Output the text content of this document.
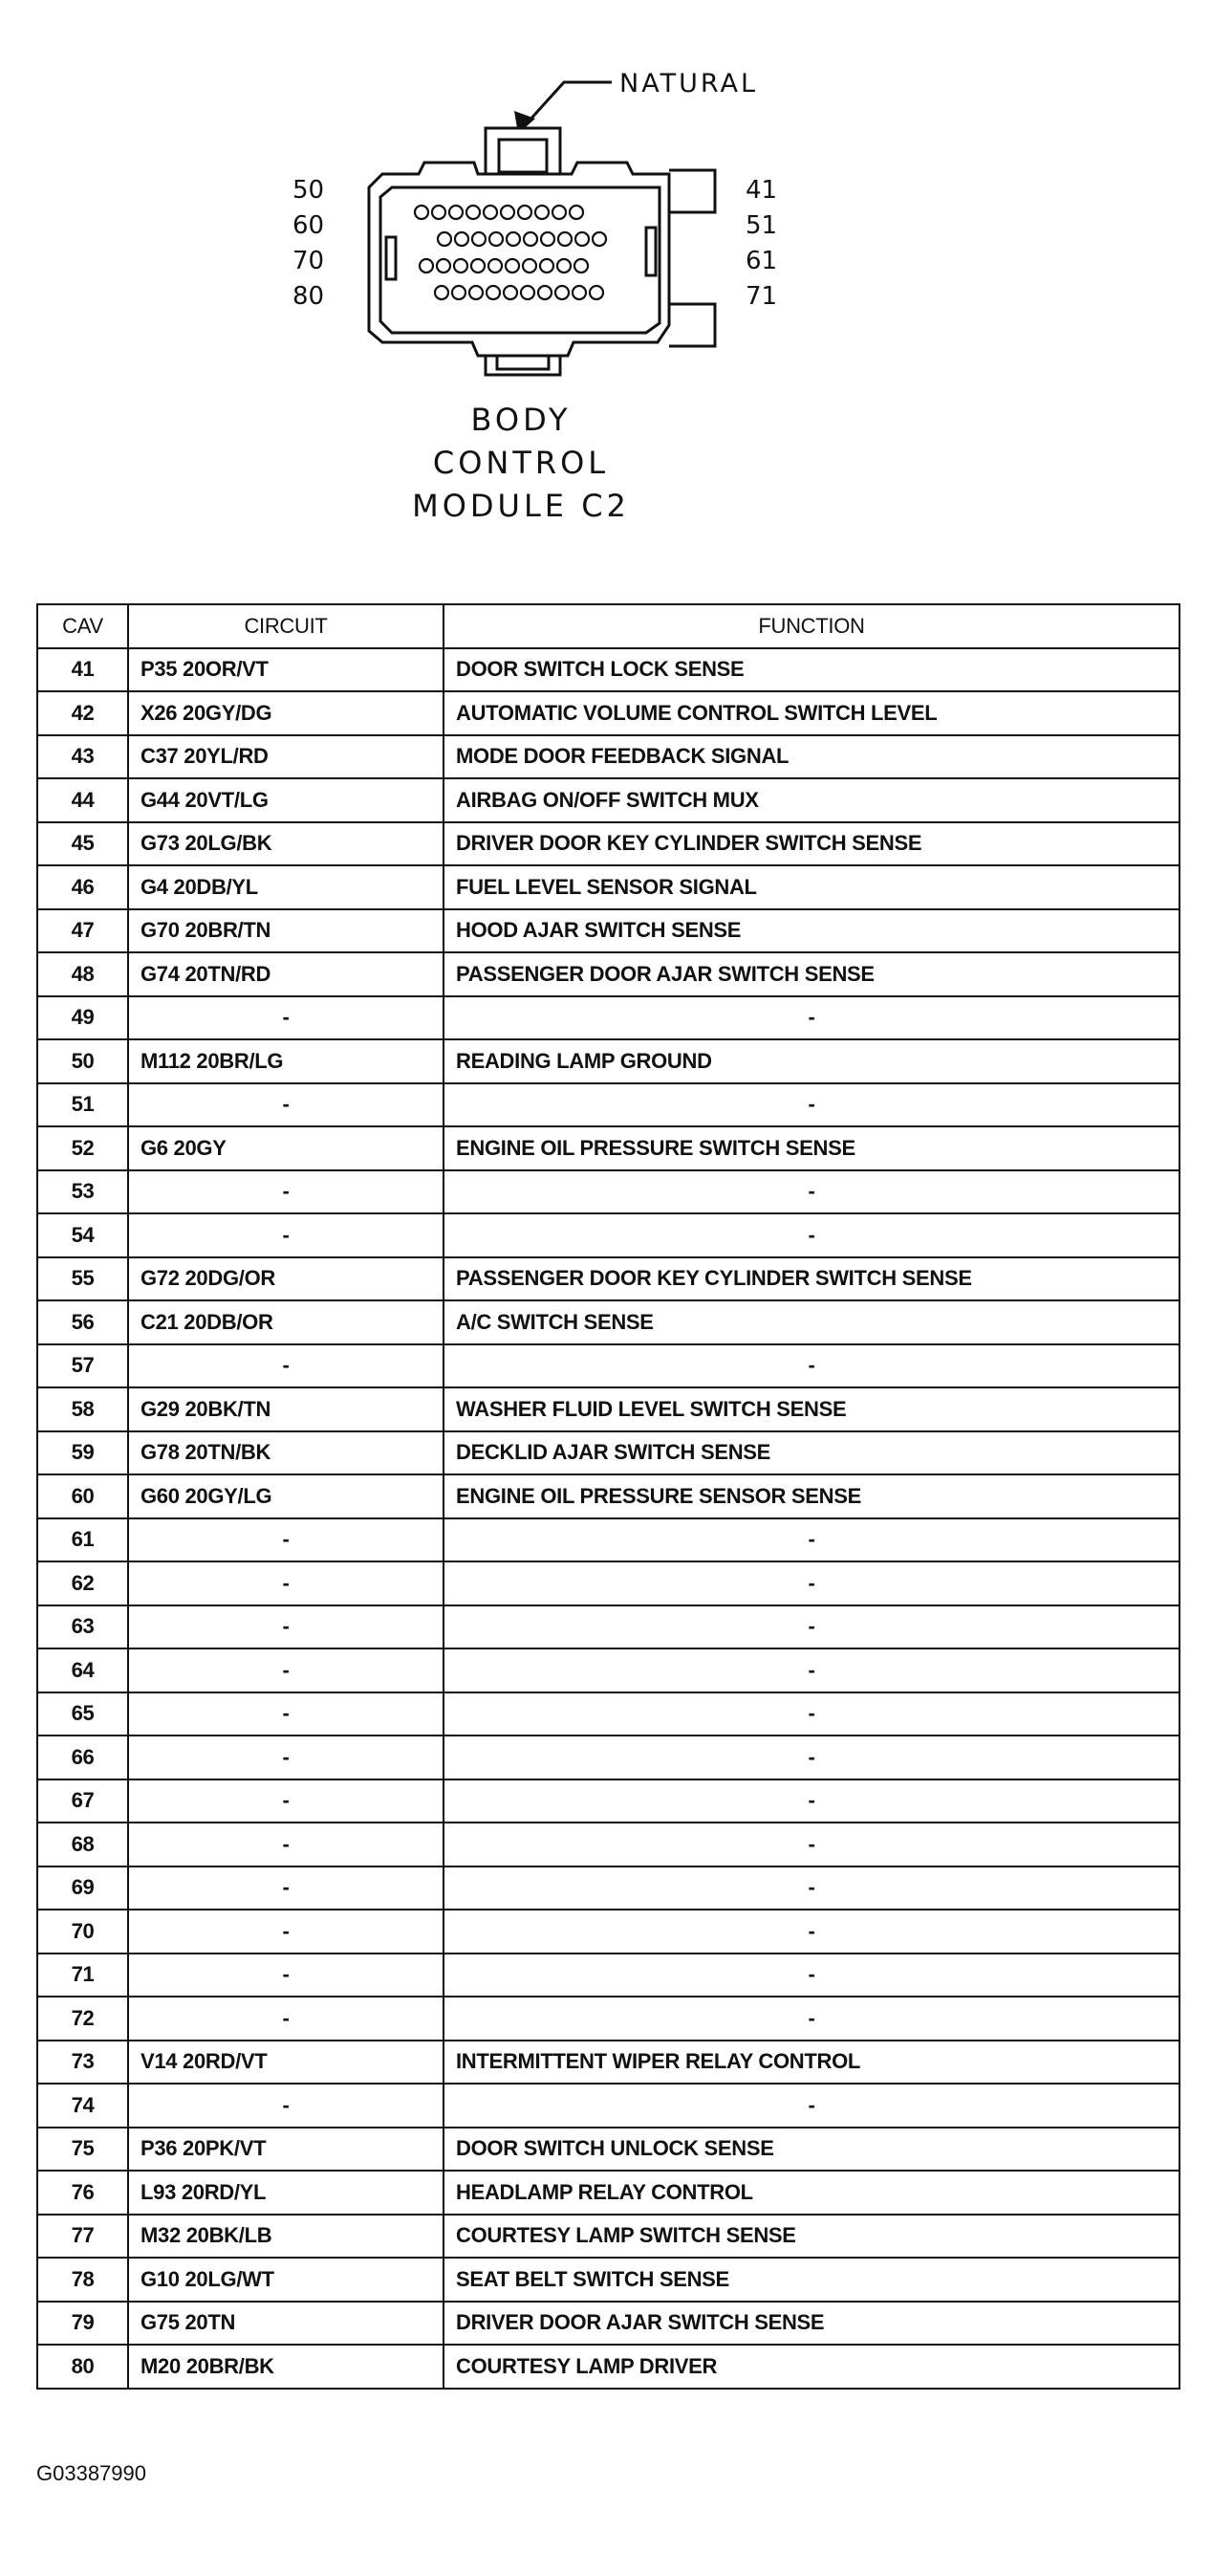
NATURAL
50
60
70
80
41
51
61
71
BODY
CONTROL
MODULE C2
CAV	CIRCUIT	FUNCTION
41	P35 20OR/VT	DOOR SWITCH LOCK SENSE
42	X26 20GY/DG	AUTOMATIC VOLUME CONTROL SWITCH LEVEL
43	C37 20YL/RD	MODE DOOR FEEDBACK SIGNAL
44	G44 20VT/LG	AIRBAG ON/OFF SWITCH MUX
45	G73 20LG/BK	DRIVER DOOR KEY CYLINDER SWITCH SENSE
46	G4 20DB/YL	FUEL LEVEL SENSOR SIGNAL
47	G70 20BR/TN	HOOD AJAR SWITCH SENSE
48	G74 20TN/RD	PASSENGER DOOR AJAR SWITCH SENSE
49	-	-
50	M112 20BR/LG	READING LAMP GROUND
51	-	-
52	G6 20GY	ENGINE OIL PRESSURE SWITCH SENSE
53	-	-
54	-	-
55	G72 20DG/OR	PASSENGER DOOR KEY CYLINDER SWITCH SENSE
56	C21 20DB/OR	A/C SWITCH SENSE
57	-	-
58	G29 20BK/TN	WASHER FLUID LEVEL SWITCH SENSE
59	G78 20TN/BK	DECKLID AJAR SWITCH SENSE
60	G60 20GY/LG	ENGINE OIL PRESSURE SENSOR SENSE
61	-	-
62	-	-
63	-	-
64	-	-
65	-	-
66	-	-
67	-	-
68	-	-
69	-	-
70	-	-
71	-	-
72	-	-
73	V14 20RD/VT	INTERMITTENT WIPER RELAY CONTROL
74	-	-
75	P36 20PK/VT	DOOR SWITCH UNLOCK SENSE
76	L93 20RD/YL	HEADLAMP RELAY CONTROL
77	M32 20BK/LB	COURTESY LAMP SWITCH SENSE
78	G10 20LG/WT	SEAT BELT SWITCH SENSE
79	G75 20TN	DRIVER DOOR AJAR SWITCH SENSE
80	M20 20BR/BK	COURTESY LAMP DRIVER
G03387990
